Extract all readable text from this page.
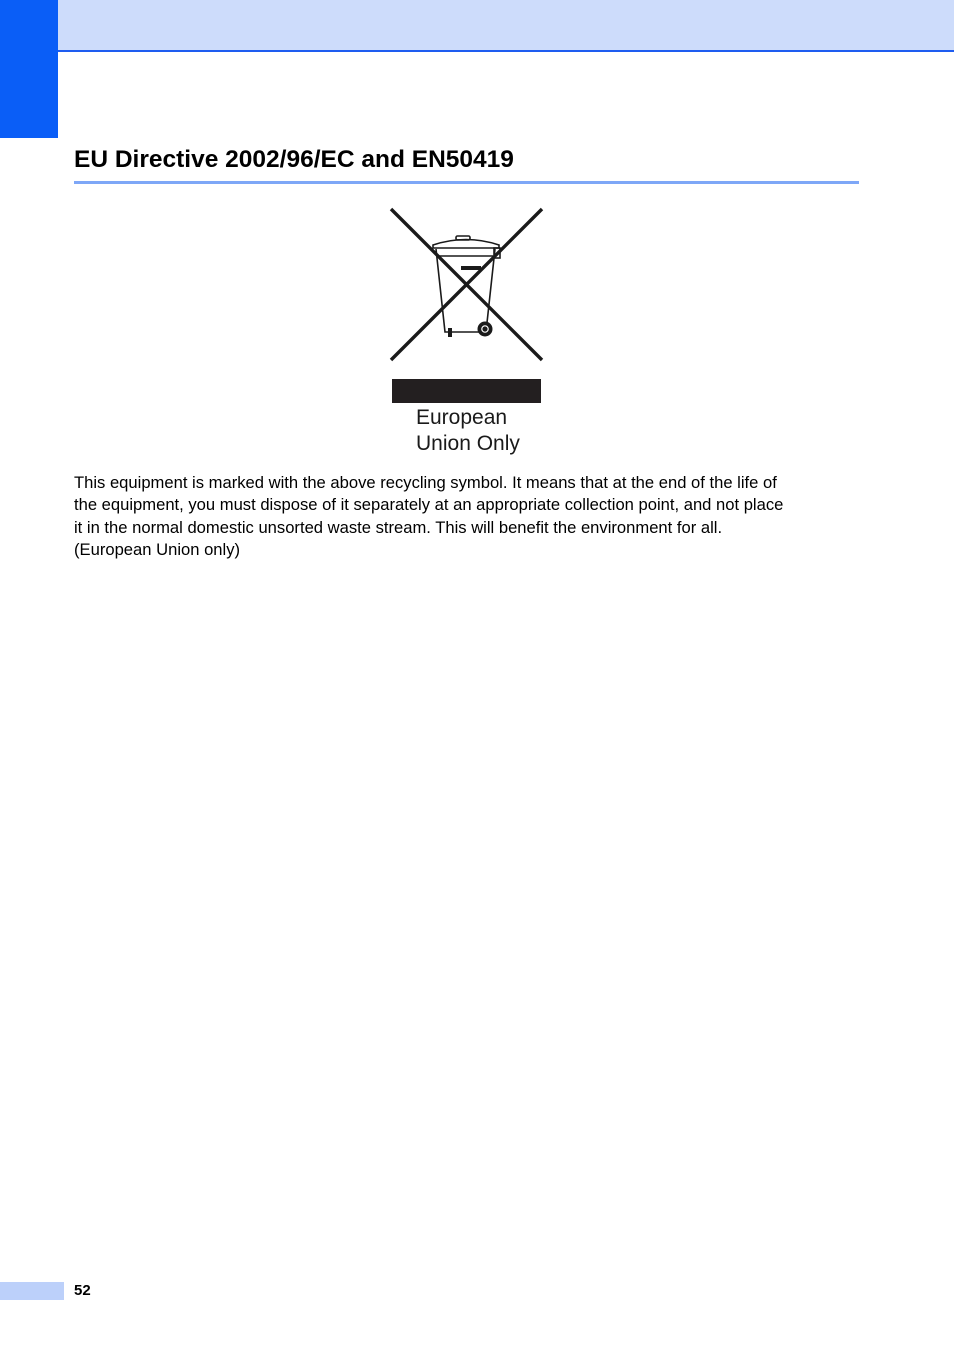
EU Directive 2002/96/EC and EN50419
European
Union Only

This equipment is marked with the above recycling symbol. It means that at the end of the life of
the equipment, you must dispose of it separately at an appropriate collection point, and not place
it in the normal domestic unsorted waste stream. This will benefit the environment for all.
(European Union only)

52
